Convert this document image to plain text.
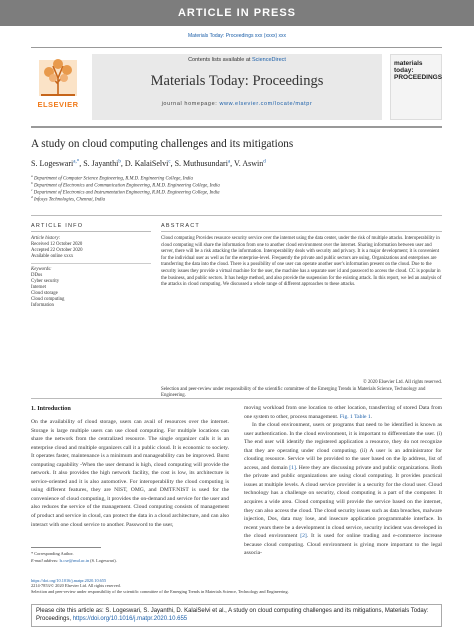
ARTICLE IN PRESS
Materials Today: Proceedings xxx (xxxx) xxx
ELSEVIER
Contents lists available at ScienceDirect
Materials Today: Proceedings
journal homepage: www.elsevier.com/locate/matpr
materials today: PROCEEDINGS
A study on cloud computing challenges and its mitigations
S. Logeswari$^{a,*}$, S. Jayanthi$^b$, D. KalaiSelvi$^c$, S. Muthusundari$^a$, V. Aswin$^d$
$^a$ Department of Computer Science Engineering, R.M.D. Engineering College, India
$^b$ Department of Electronics and Communication Engineering, R.M.D. Engineering College, India
$^c$ Department of Electronics and Instrumentation Engineering, R.M.D. Engineering College, India
$^d$ Infosys Technologies, Chennai, India
ARTICLE INFO	ABSTRACT
Article history:
Received 12 October 2020
Accepted 22 October 2020
Available online xxxx
Keywords:
DDos
Cyber security
Internet
Cloud storage
Cloud computing
Information
Cloud computing Provides resource security service over the internet using the data center, under the risk of multiple attacks. Interoperability in cloud computing will share the information from one to another cloud environment over the internet. Sharing information between user and server, there will be a risk attacking the information. Interoperability deals with security and privacy. It is a major development; it is convenient for the individual user as well as for the enterprise-level. Frequently the private and public sectors are using. Organizations and enterprises are transferring the data into the cloud. There is a possibility of one user can operate another user's information present on the cloud. Due to the security issues they provide a virtual machine for the user, the machine has a separate user id and password to access the cloud. CC is popular in the business, and public sectors. It has hedge method, and also provide the suspension for the existing attack. In this report, we led an analysis of the attacks in cloud computing. We discussed a whole range of different approaches to these attacks.
© 2020 Elsevier Ltd. All rights reserved.
Selection and peer-review under responsibility of the scientific committee of the Emerging Trends in Materials Science, Technology and Engineering.
1. Introduction
On the availability of cloud storage, users can avail of resources over the internet. Storage is large multiple users can use cloud computing. For multiple locations can share the network from the centralized resource. The single organizer calls it is an enterprise cloud and multiple organizers call it a public cloud. It is economic to society. It operates faster, maintenance is a minimum and manageability can be improved. Burst computing capability -When the user demand is high, cloud computing will provide the network. It also provides the high network facility, the cost is low, its architecture is service-oriented and it is also automotive. For interoperability the cloud computing is using different features, they are NIST, OMG, and DMTF.NIST is used for the convenience of cloud computing, it provides the on-demand and service for the user and also reduces the service of the management. Cloud computing consists of management of product and service in cloud, can protect the data in a cloud architecture, and can also interact with one cloud service to another. Password to the user,
moving workload from one location to other location, transferring of stored Data from one system to other, process management. Fig. 1 Table 1.
In the cloud environment, users or programs that need to be identified is known as user authentication. In the cloud environment, it is important to differentiate the user. (i) The end user will identify the registered application a resource, they do not recognize that they are operating under cloud computing. (ii) A user is an administrator for clouding resource. Service will be provided to the user based on the Ip address, list of access, and domain [1]. Here they are discussing private and public organizations. Both the private and public organizations are using cloud computing. It provides practical issues at multiple levels. A cloud service provider is a security for the cloud user. Cloud technology has a challenge on security, cloud computing is a part of the computer. It acquires a wide area. Cloud computing will provide the service based on the internet, they can also access the cloud. The cloud security issues such as data breaches, malware injection, Dos, data may lose, and insecure application programmable interface. In recent years there be a development in cloud service, security incident was developed in the cloud environment [2]. It is used for online trading and e-commerce increase because cloud computing. Cloud environment is giving more important to the legal associa-
* Corresponding Author.
E-mail address: ls.cse@rmd.ac.in (S. Logeswari).
https://doi.org/10.1016/j.matpr.2020.10.655
2214-7853/© 2020 Elsevier Ltd. All rights reserved.
Selection and peer-review under responsibility of the scientific committee of the Emerging Trends in Materials Science, Technology and Engineering.
Please cite this article as: S. Logeswari, S. Jayanthi, D. KalaiSelvi et al., A study on cloud computing challenges and its mitigations, Materials Today: Proceedings, https://doi.org/10.1016/j.matpr.2020.10.655
